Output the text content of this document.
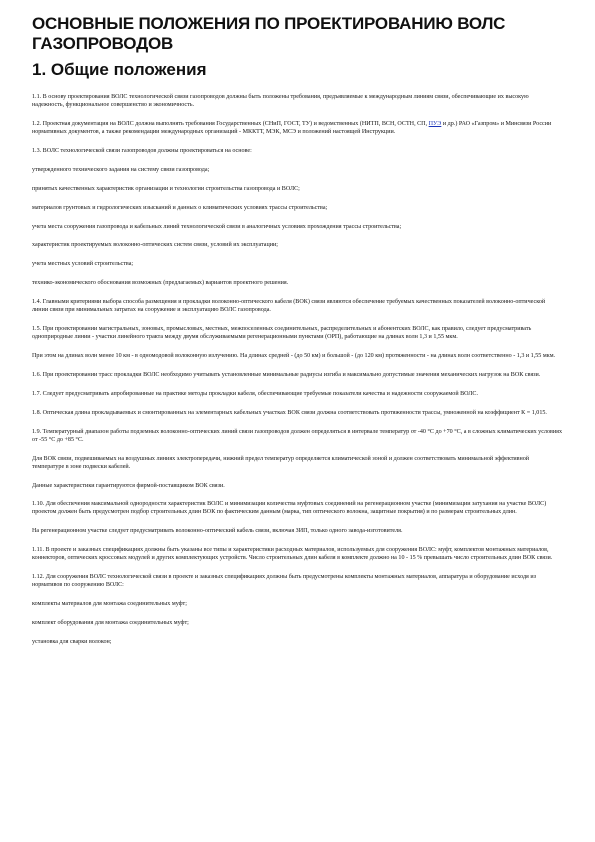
ОСНОВНЫЕ ПОЛОЖЕНИЯ ПО ПРОЕКТИРОВАНИЮ ВОЛС ГАЗОПРОВОДОВ
1. Общие положения

1.1. В основу проектирования ВОЛС технологической связи газопроводов должны быть положены требования, предъявляемые к международным линиям связи, обеспечивающие их высокую надежность, функциональное совершенство и экономичность.

1.2. Проектная документация на ВОЛС должна выполнять требования Государственных (СНиП, ГОСТ, ТУ) и ведомственных (НИТП, ВСН, ОСТН, СП, ПУЭ и др.) РАО «Газпром» и Минсвязи России нормативных документов, а также рекомендации международных организаций - МККТТ, МЭК, МСЭ и положений настоящей Инструкции.

1.3. ВОЛС технологической связи газопроводов должны проектироваться на основе:

утвержденного технического задания на систему связи газопровода;

принятых качественных характеристик организации и технологии строительства газопровода и ВОЛС;

материалов грунтовых и гидрологических изысканий и данных о климатических условиях трассы строительства;

учета места сооружения газопровода и кабельных линий технологической связи в аналогичных условиях прохождения трассы строительства;

характеристик проектируемых волоконно-оптических систем связи, условий их эксплуатации;

учета местных условий строительства;

технико-экономического обоснования возможных (предлагаемых) вариантов проектного решения.

1.4. Главными критериями выбора способа размещения и прокладки волоконно-оптического кабеля (ВОК) связи являются обеспечение требуемых качественных показателей волоконно-оптической линии связи при минимальных затратах на сооружение и эксплуатацию ВОЛС газопровода.

1.5. При проектировании магистральных, зоновых, промысловых, местных, межпоселенных соединительных, распределительных и абонентских ВОЛС, как правило, следует предусматривать одноприродные линии - участки линейного тракта между двумя обслуживаемыми регенерационными пунктами (ОРП), работающие на длинах волн 1,3 и 1,55 мкм.

При этом на длинах волн менее 10 км - в одномодовой волоконную излучению. На длинах средней - (до 50 км) и большой - (до 120 км) протяженности - на длинах волн соответственно - 1,3 и 1,55 мкм.

1.6. При проектировании трасс прокладки ВОЛС необходимо учитывать установленные минимальные радиусы изгиба и максимально допустимые значения механических нагрузок на ВОК связи.

1.7. Следует предусматривать апробированные на практике методы прокладки кабеля, обеспечивающие требуемые показатели качества и надежности сооружаемой ВОЛС.

1.8. Оптическая длина прокладываемых и смонтированных на элементарных кабельных участках ВОК связи должна соответствовать протяженности трассы, умноженной на коэффициент К = 1,015.

1.9. Температурный диапазон работы подземных волоконно-оптических линий связи газопроводов должен определяться в интервале температур от -40 °С до +70 °С, а в сложных климатических условиях от -55 °С до +85 °С.

Для ВОК связи, подвешиваемых на воздушных линиях электропередачи, нижний предел температур определяется климатической зоной и должен соответствовать минимальной эффективной температуре в зоне подвески кабелей.

Данные характеристики гарантируются фирмой-поставщиком ВОК связи.

1.10. Для обеспечения максимальной однородности характеристик ВОЛС и минимизации количества муфтовых соединений на регенерационном участке (минимизации затухания на участке ВОЛС) проектом должен быть предусмотрен подбор строительных длин ВОК по фактическим данным (марка, тип оптического волокна, защитные покрытия) и по размерам строительных длин.

На регенерационном участке следует предусматривать волоконно-оптический кабель связи, включая ЗИП, только одного завода-изготовителя.

1.11. В проекте и заказных спецификациях должны быть указаны все типы и характеристики расходных материалов, используемых для сооружения ВОЛС: муфт, комплектов монтажных материалов, коннекторов, оптических кроссовых модулей и других комплектующих устройств. Число строительных длин кабеля в комплекте должно на 10 - 15 % превышать число строительных длин ВОК связи.

1.12. Для сооружения ВОЛС технологической связи в проекте и заказных спецификациях должны быть предусмотрены комплекты монтажных материалов, аппаратура и оборудование исходя из нормативов по сооружению ВОЛС:

комплекты материалов для монтажа соединительных муфт;

комплект оборудования для монтажа соединительных муфт;

установка для сварки волокон;
